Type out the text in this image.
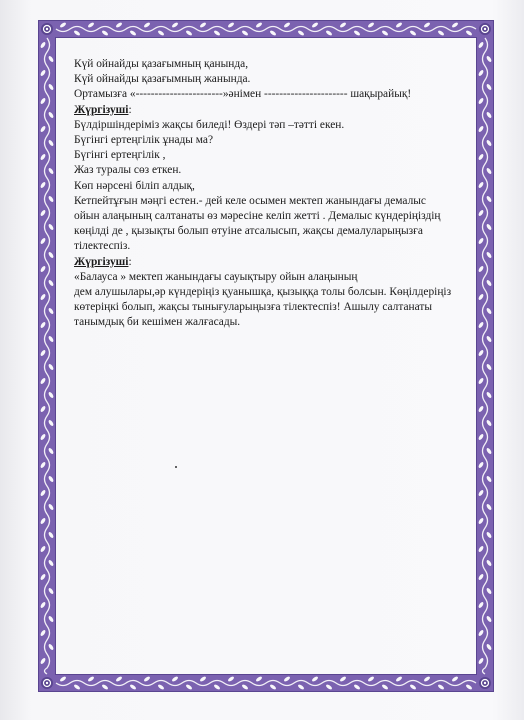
Күй ойнайды қазағымның қанында,
Күй ойнайды қазағымның жанында.
Ортамызға «-----------------------»әнімен ---------------------- шақырайық!
Жүргізуші:
Бүлдіршіндеріміз жақсы биледі! Өздері тәп –тәтті екен.
Бүгінгі ертеңгілік ұнады ма?
Бүгінгі ертеңгілік ,
Жаз туралы сөз еткен.
Көп нәрсені біліп алдық,
Кетпейтұғын мәңгі естен.- дей келе осымен мектеп жанындағы демалыс ойын алаңының салтанаты өз мәресіне келіп жетті . Демалыс күндеріңіздің көңілді де , қызықты болып өтуіне атсалысып, жақсы демалуларыңызға тілектеспіз.
Жүргізуші:
«Балауса » мектеп жанындағы сауықтыру ойын алаңының
дем алушылары,әр күндеріңіз қуанышқа, қызыққа толы болсын. Көңілдеріңіз көтеріңкі болып, жақсы тынығуларыңызға тілектеспіз! Ашылу салтанаты танымдық би кешімен жалғасады.
